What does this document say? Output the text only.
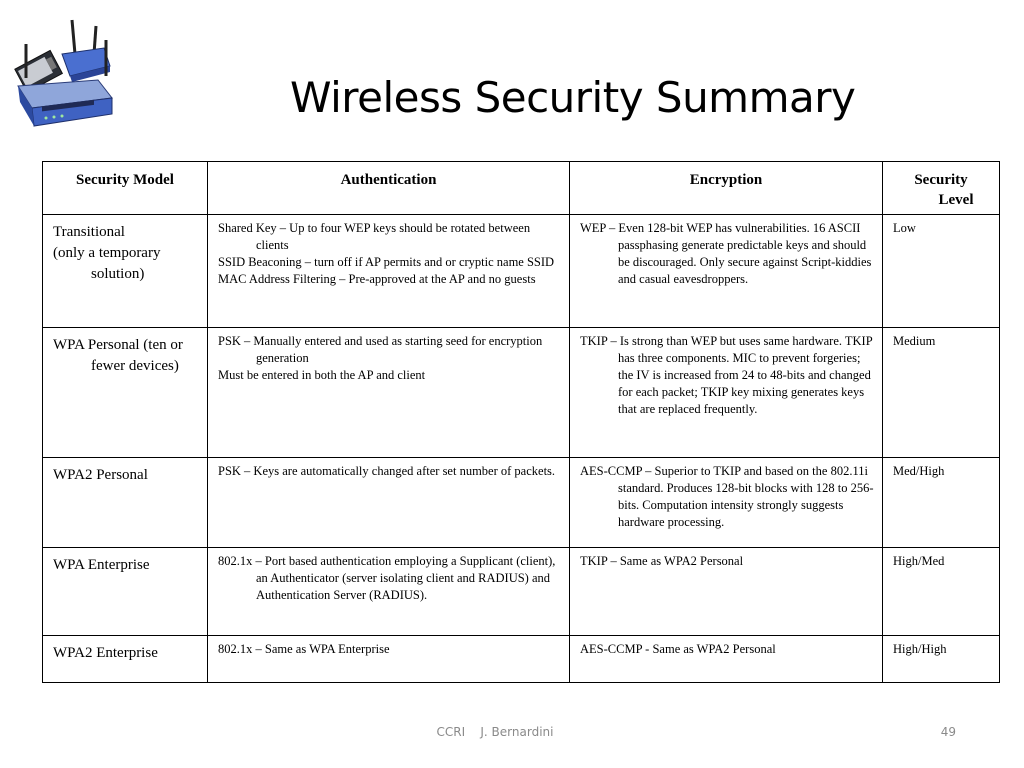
Wireless Security Summary
Security Model	Authentication	Encryption	Security
Level

Transitional
(only a temporary solution)	Shared Key – Up to four WEP keys should be rotated between clients
SSID Beaconing – turn off if AP permits and or cryptic name SSID
MAC Address Filtering – Pre-approved at the AP and no guests	WEP – Even 128-bit WEP has vulnerabilities. 16 ASCII passphasing generate predictable keys and should be discouraged. Only secure against Script-kiddies and casual eavesdroppers.	Low

WPA Personal (ten or fewer devices)	PSK – Manually entered and used as starting seed for encryption generation
Must be entered in both the AP and client	TKIP – Is strong than WEP but uses same hardware. TKIP has three components. MIC to prevent forgeries; the IV is increased from 24 to 48-bits and changed for each packet; TKIP key mixing generates keys that are replaced frequently.	Medium

WPA2 Personal	PSK – Keys are automatically changed after set number of packets.	AES-CCMP – Superior to TKIP and based on the 802.11i standard. Produces 128-bit blocks with 128 to 256-bits. Computation intensity strongly suggests hardware processing.	Med/High

WPA Enterprise	802.1x – Port based authentication employing a Supplicant (client), an Authenticator (server isolating client and RADIUS) and Authentication Server (RADIUS).	TKIP – Same as WPA2 Personal	High/Med

WPA2 Enterprise	802.1x – Same as WPA Enterprise	AES-CCMP - Same as WPA2 Personal	High/High
CCRI    J. Bernardini	49
